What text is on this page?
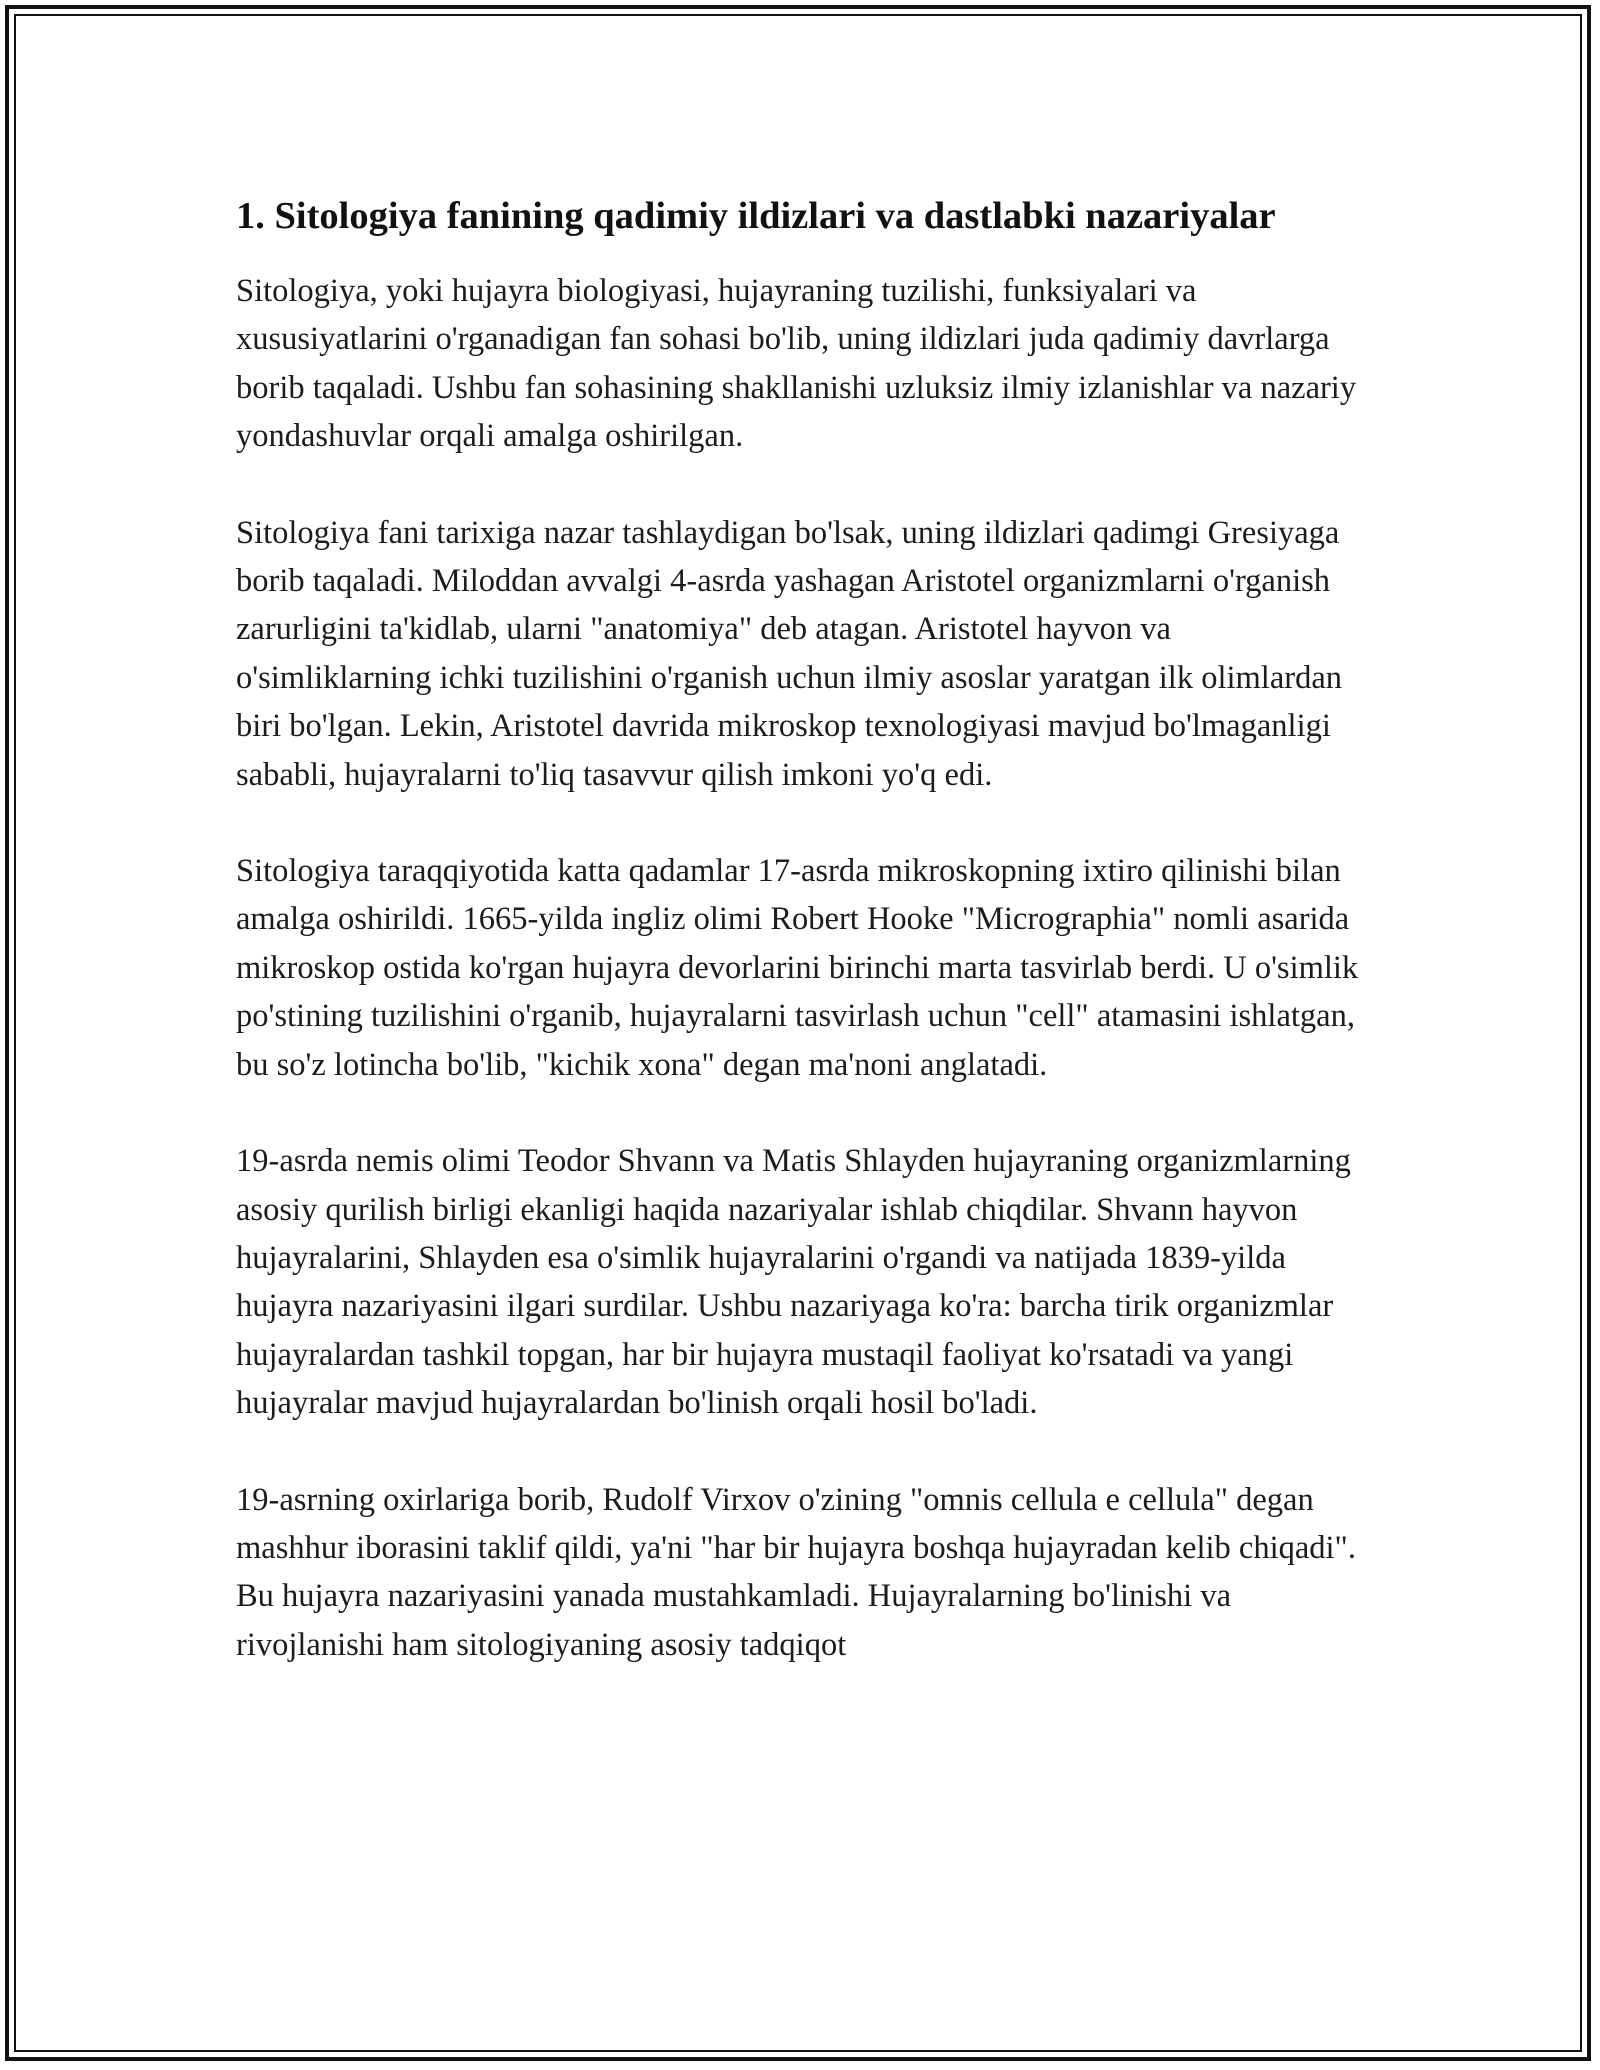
1. Sitologiya fanining qadimiy ildizlari va dastlabki nazariyalar

Sitologiya, yoki hujayra biologiyasi, hujayraning tuzilishi, funksiyalari va xususiyatlarini o'rganadigan fan sohasi bo'lib, uning ildizlari juda qadimiy davrlarga borib taqaladi. Ushbu fan sohasining shakllanishi uzluksiz ilmiy izlanishlar va nazariy yondashuvlar orqali amalga oshirilgan.

Sitologiya fani tarixiga nazar tashlaydigan bo'lsak, uning ildizlari qadimgi Gresiyaga borib taqaladi. Miloddan avvalgi 4-asrda yashagan Aristotel organizmlarni o'rganish zarurligini ta'kidlab, ularni "anatomiya" deb atagan. Aristotel hayvon va o'simliklarning ichki tuzilishini o'rganish uchun ilmiy asoslar yaratgan ilk olimlardan biri bo'lgan. Lekin, Aristotel davrida mikroskop texnologiyasi mavjud bo'lmaganligi sababli, hujayralarni to'liq tasavvur qilish imkoni yo'q edi.

Sitologiya taraqqiyotida katta qadamlar 17-asrda mikroskopning ixtiro qilinishi bilan amalga oshirildi. 1665-yilda ingliz olimi Robert Hooke "Micrographia" nomli asarida mikroskop ostida ko'rgan hujayra devorlarini birinchi marta tasvirlab berdi. U o'simlik po'stining tuzilishini o'rganib, hujayralarni tasvirlash uchun "cell" atamasini ishlatgan, bu so'z lotincha bo'lib, "kichik xona" degan ma'noni anglatadi.

19-asrda nemis olimi Teodor Shvann va Matis Shlayden hujayraning organizmlarning asosiy qurilish birligi ekanligi haqida nazariyalar ishlab chiqdilar. Shvann hayvon hujayralarini, Shlayden esa o'simlik hujayralarini o'rgandi va natijada 1839-yilda hujayra nazariyasini ilgari surdilar. Ushbu nazariyaga ko'ra: barcha tirik organizmlar hujayralardan tashkil topgan, har bir hujayra mustaqil faoliyat ko'rsatadi va yangi hujayralar mavjud hujayralardan bo'linish orqali hosil bo'ladi.

19-asrning oxirlariga borib, Rudolf Virxov o'zining "omnis cellula e cellula" degan mashhur iborasini taklif qildi, ya'ni "har bir hujayra boshqa hujayradan kelib chiqadi". Bu hujayra nazariyasini yanada mustahkamladi. Hujayralarning bo'linishi va rivojlanishi ham sitologiyaning asosiy tadqiqot
